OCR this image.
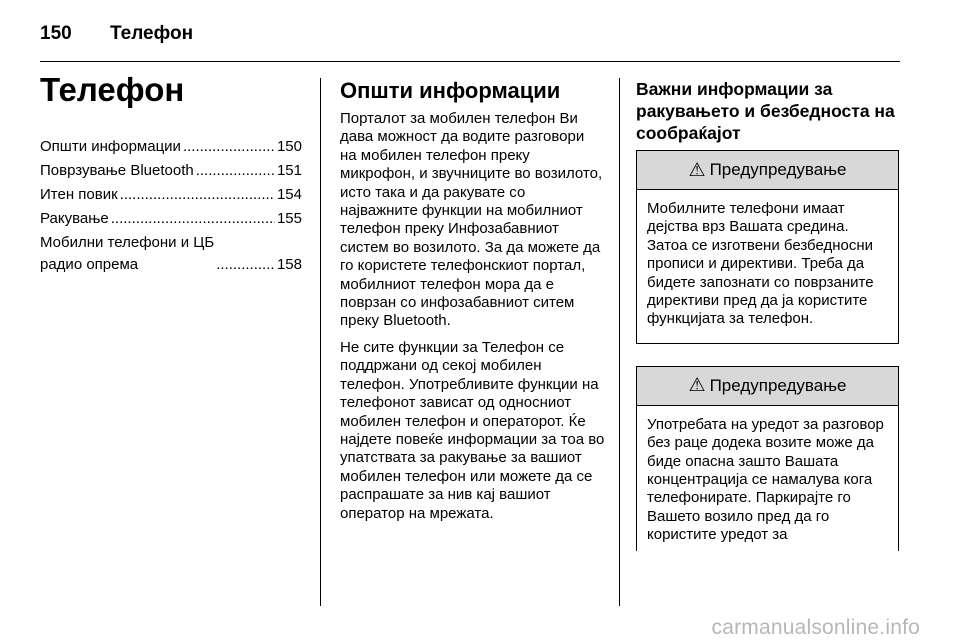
150	Телефон
Телефон
Општи информации .....	150
Поврзување Bluetooth .....	151
Итен повик .....	154
Ракување .....	155
Мобилни телефони и ЦБ
радио опрема .....	158
Општи информации

Порталот за мобилен телефон Ви дава можност да водите разговори на мобилен телефон преку микрофон, и звучниците во возилото, исто така и да ракувате со најважните функции на мобилниот телефон преку Инфозабавниот систем во возилото. За да можете да го користете телефонскиот портал, мобилниот телефон мора да е поврзан со инфозабавниот ситем преку Bluetooth.

Не сите функции за Телефон се поддржани од секој мобилен телефон. Употребливите функции на телефонот зависат од односниот мобилен телефон и операторот. Ќе најдете повеќе информации за тоа во упатствата за ракување за вашиот мобилен телефон или можете да се распрашате за нив кај вашиот оператор на мрежата.

Важни информации за ракувањето и безбедноста на сообраќајот
⚠ Предупредување
Мобилните телефони имаат дејства врз Вашата средина. Затоа се изготвени безбедносни прописи и директиви. Треба да бидете запознати со поврзаните директиви пред да ја користите функцијата за телефон.
⚠ Предупредување
Употребата на уредот за разговор без раце додека возите може да биде опасна зашто Вашата концентрација се намалува кога телефонирате. Паркирајте го Вашето возило пред да го користите уредот за
carmanualsonline.info
